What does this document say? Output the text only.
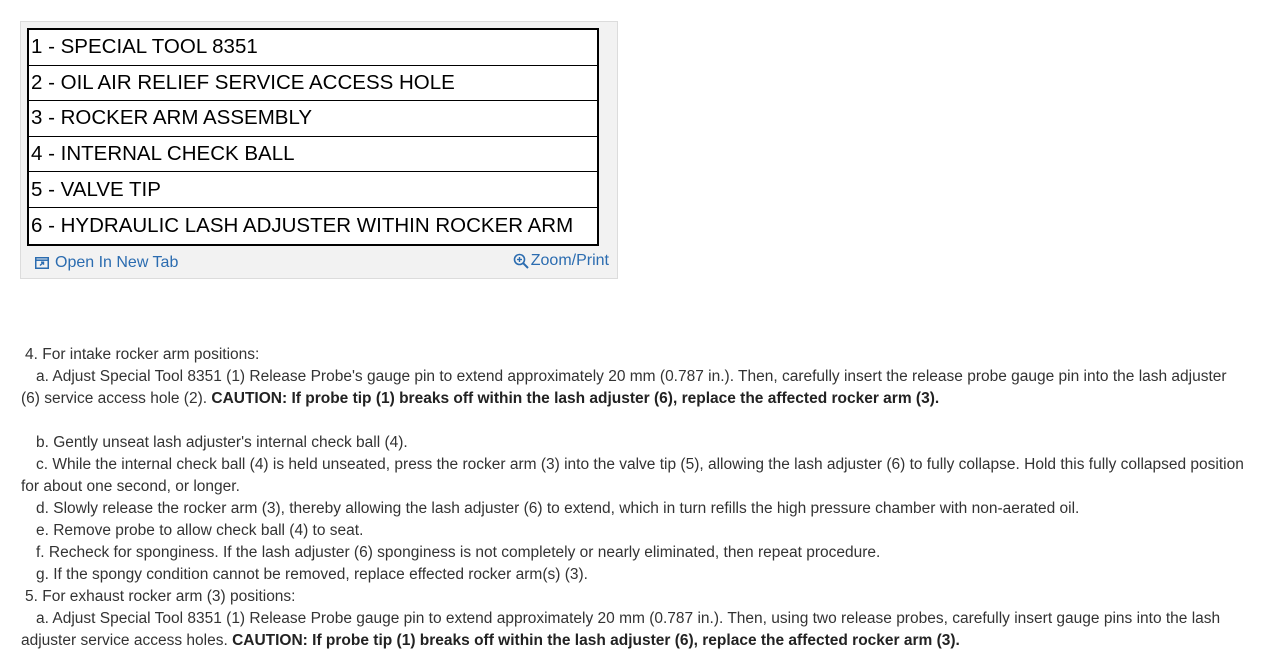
1 - SPECIAL TOOL 8351
2 - OIL AIR RELIEF SERVICE ACCESS HOLE
3 - ROCKER ARM ASSEMBLY
4 - INTERNAL CHECK BALL
5 - VALVE TIP
6 - HYDRAULIC LASH ADJUSTER WITHIN ROCKER ARM
Open In New Tab	Zoom/Print

4. For intake rocker arm positions:

a. Adjust Special Tool 8351 (1) Release Probe's gauge pin to extend approximately 20 mm (0.787 in.). Then, carefully insert the release probe gauge pin into the lash adjuster (6) service access hole (2). CAUTION: If probe tip (1) breaks off within the lash adjuster (6), replace the affected rocker arm (3).

b. Gently unseat lash adjuster's internal check ball (4).

c. While the internal check ball (4) is held unseated, press the rocker arm (3) into the valve tip (5), allowing the lash adjuster (6) to fully collapse. Hold this fully collapsed position for about one second, or longer.

d. Slowly release the rocker arm (3), thereby allowing the lash adjuster (6) to extend, which in turn refills the high pressure chamber with non-aerated oil.

e. Remove probe to allow check ball (4) to seat.

f. Recheck for sponginess. If the lash adjuster (6) sponginess is not completely or nearly eliminated, then repeat procedure.

g. If the spongy condition cannot be removed, replace effected rocker arm(s) (3).

5. For exhaust rocker arm (3) positions:

a. Adjust Special Tool 8351 (1) Release Probe gauge pin to extend approximately 20 mm (0.787 in.). Then, using two release probes, carefully insert gauge pins into the lash adjuster service access holes. CAUTION: If probe tip (1) breaks off within the lash adjuster (6), replace the affected rocker arm (3).
